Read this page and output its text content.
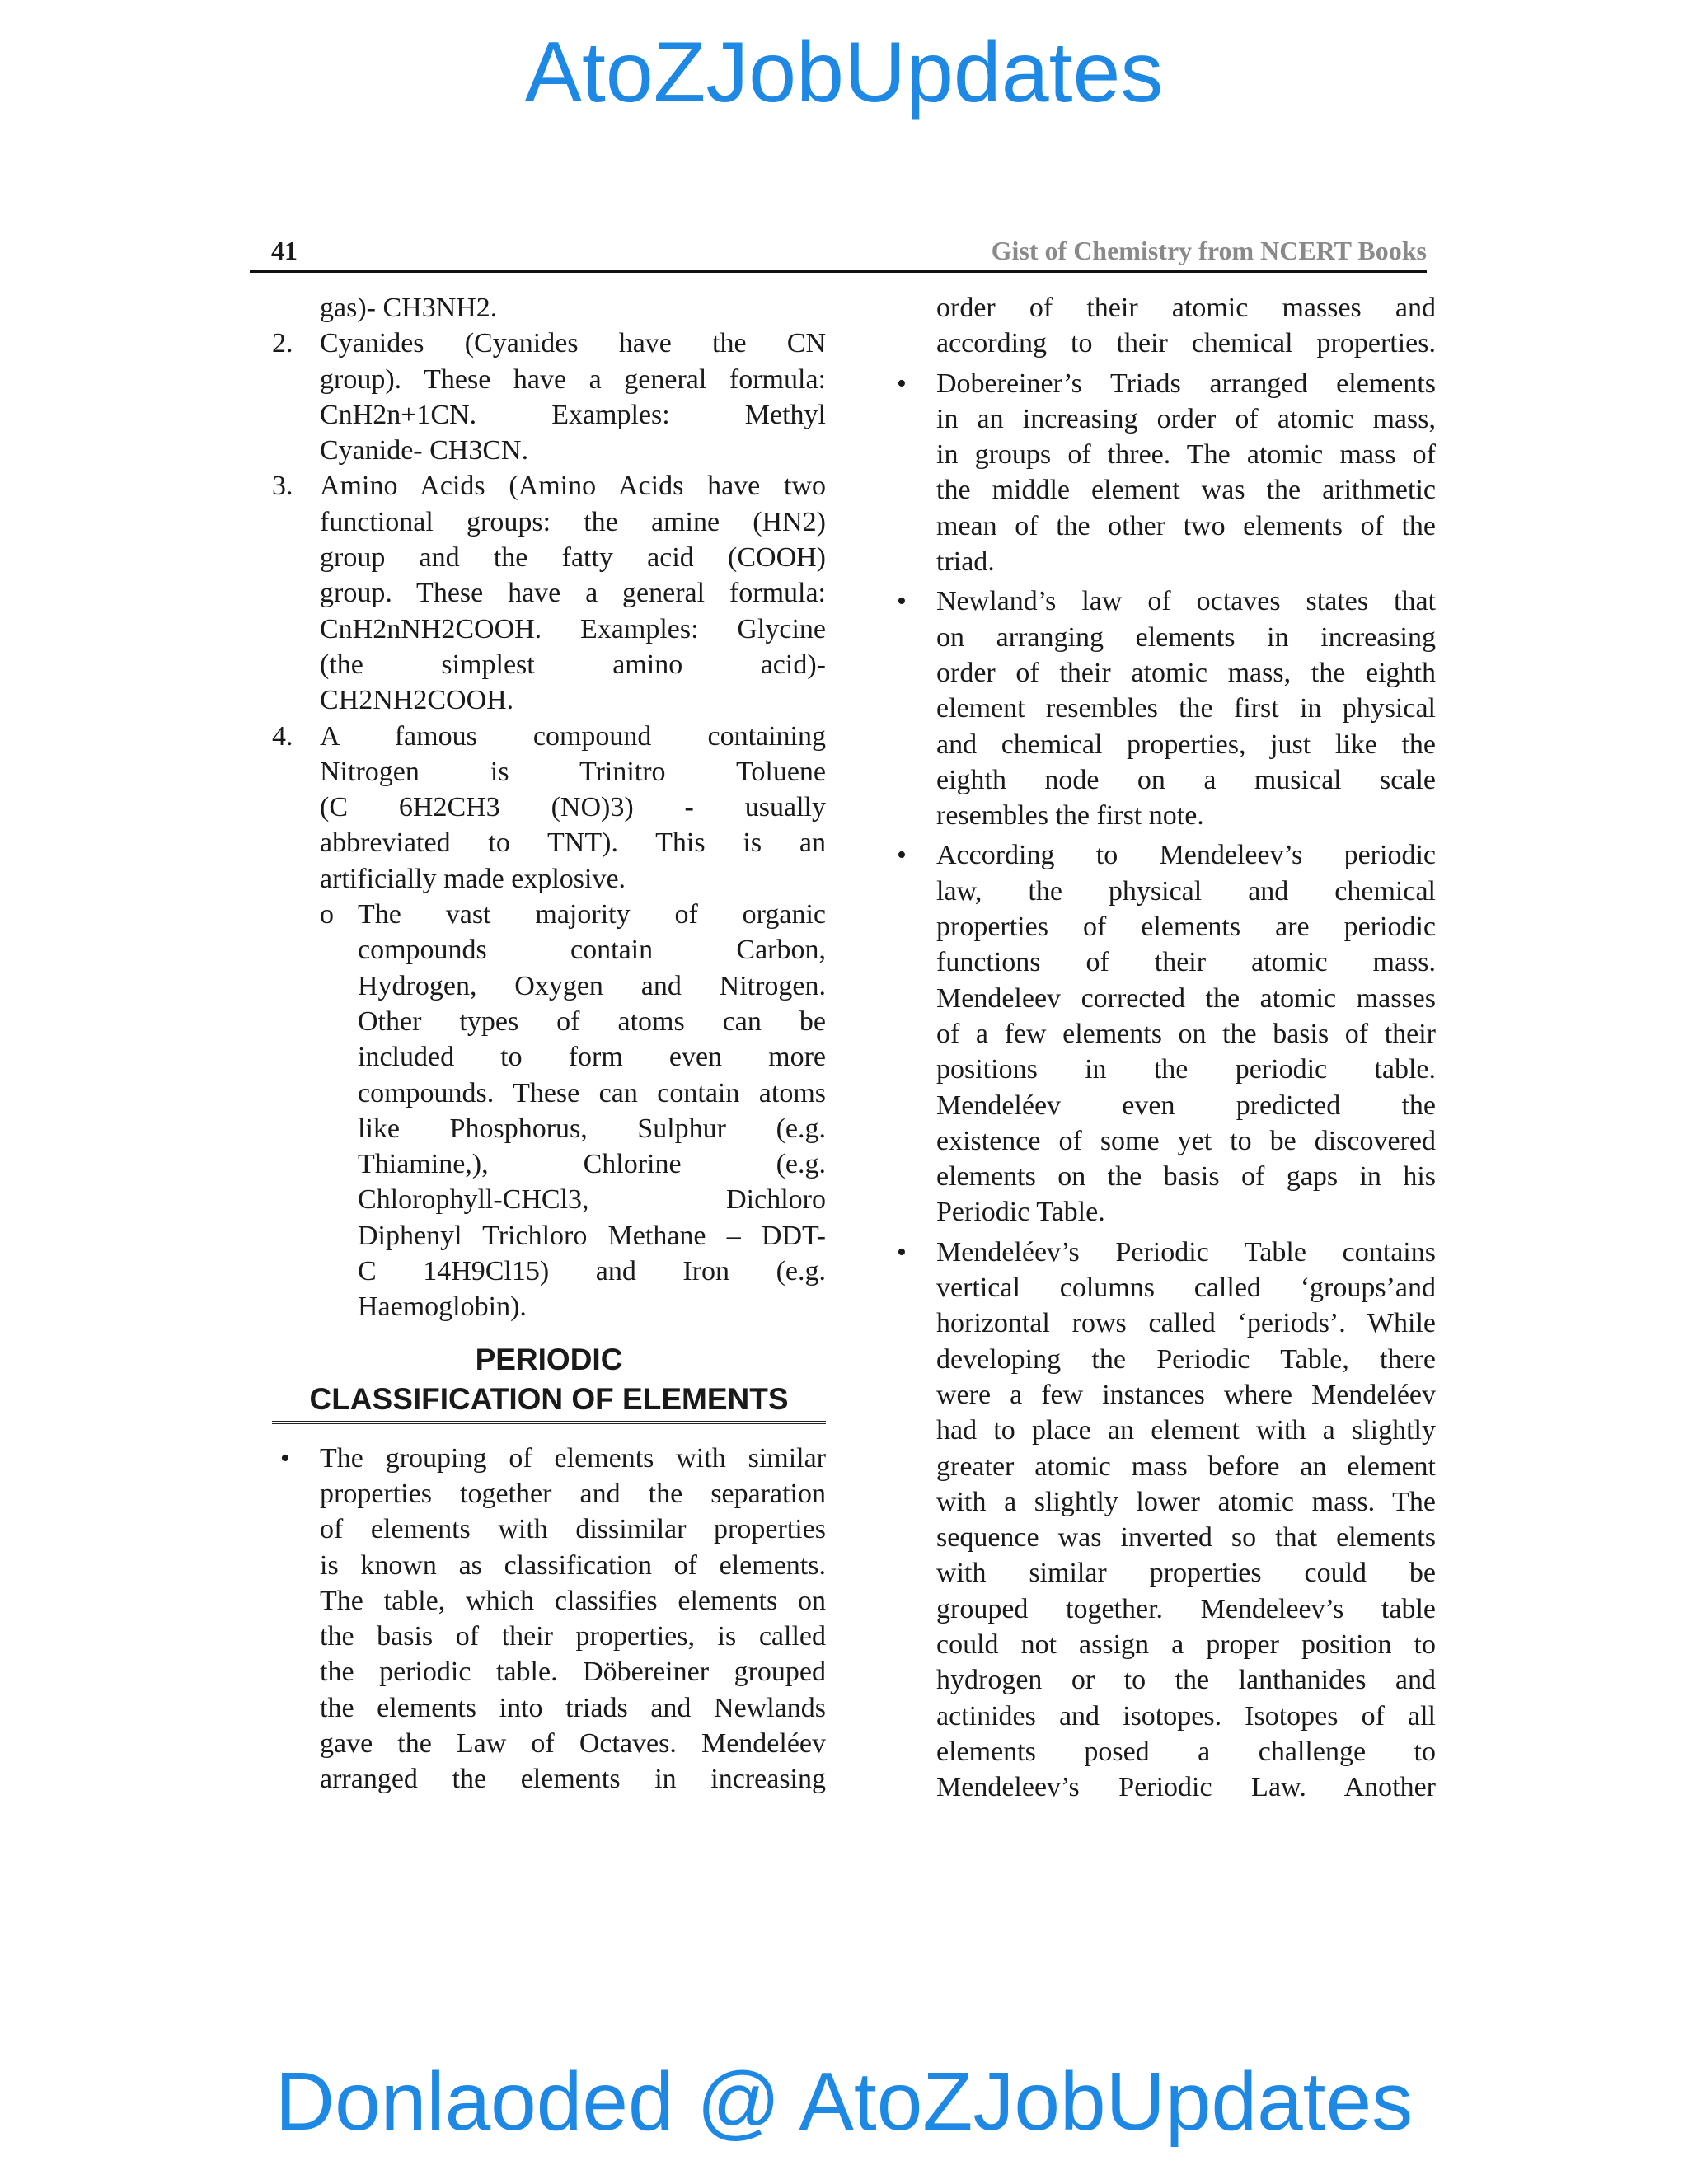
AtoZJobUpdates
41	Gist of Chemistry from NCERT Books

gas)- CH3NH2.

2. Cyanides (Cyanides have the CN

group). These have a general formula:

CnH2n+1CN. Examples: Methyl

Cyanide- CH3CN.

3. Amino Acids (Amino Acids have two

functional groups: the amine (HN2)

group and the fatty acid (COOH)

group. These have a general formula:

CnH2nNH2COOH. Examples: Glycine

(the simplest amino acid)-

CH2NH2COOH.

4. A famous compound containing

Nitrogen is Trinitro Toluene

(C 6H2CH3 (NO)3) - usually

abbreviated to TNT). This is an

artificially made explosive.

o The vast majority of organic

compounds contain Carbon,

Hydrogen, Oxygen and Nitrogen.

Other types of atoms can be

included to form even more

compounds. These can contain atoms

like Phosphorus, Sulphur (e.g.

Thiamine,), Chlorine (e.g.

Chlorophyll-CHCl3, Dichloro

Diphenyl Trichloro Methane – DDT-

C 14H9Cl15) and Iron (e.g.

Haemoglobin).

PERIODIC
CLASSIFICATION OF ELEMENTS
• The grouping of elements with similar

properties together and the separation

of elements with dissimilar properties

is known as classification of elements.

The table, which classifies elements on

the basis of their properties, is called

the periodic table. Döbereiner grouped

the elements into triads and Newlands

gave the Law of Octaves. Mendeléev

arranged the elements in increasing

order of their atomic masses and

according to their chemical properties.

• Dobereiner’s Triads arranged elements

in an increasing order of atomic mass,

in groups of three. The atomic mass of

the middle element was the arithmetic

mean of the other two elements of the

triad.

• Newland’s law of octaves states that

on arranging elements in increasing

order of their atomic mass, the eighth

element resembles the first in physical

and chemical properties, just like the

eighth node on a musical scale

resembles the first note.

• According to Mendeleev’s periodic

law, the physical and chemical

properties of elements are periodic

functions of their atomic mass.

Mendeleev corrected the atomic masses

of a few elements on the basis of their

positions in the periodic table.

Mendeléev even predicted the

existence of some yet to be discovered

elements on the basis of gaps in his

Periodic Table.

• Mendeléev’s Periodic Table contains

vertical columns called ‘groups’and

horizontal rows called ‘periods’. While

developing the Periodic Table, there

were a few instances where Mendeléev

had to place an element with a slightly

greater atomic mass before an element

with a slightly lower atomic mass. The

sequence was inverted so that elements

with similar properties could be

grouped together. Mendeleev’s table

could not assign a proper position to

hydrogen or to the lanthanides and

actinides and isotopes. Isotopes of all

elements posed a challenge to

Mendeleev’s Periodic Law. Another

Donlaoded @ AtoZJobUpdates
